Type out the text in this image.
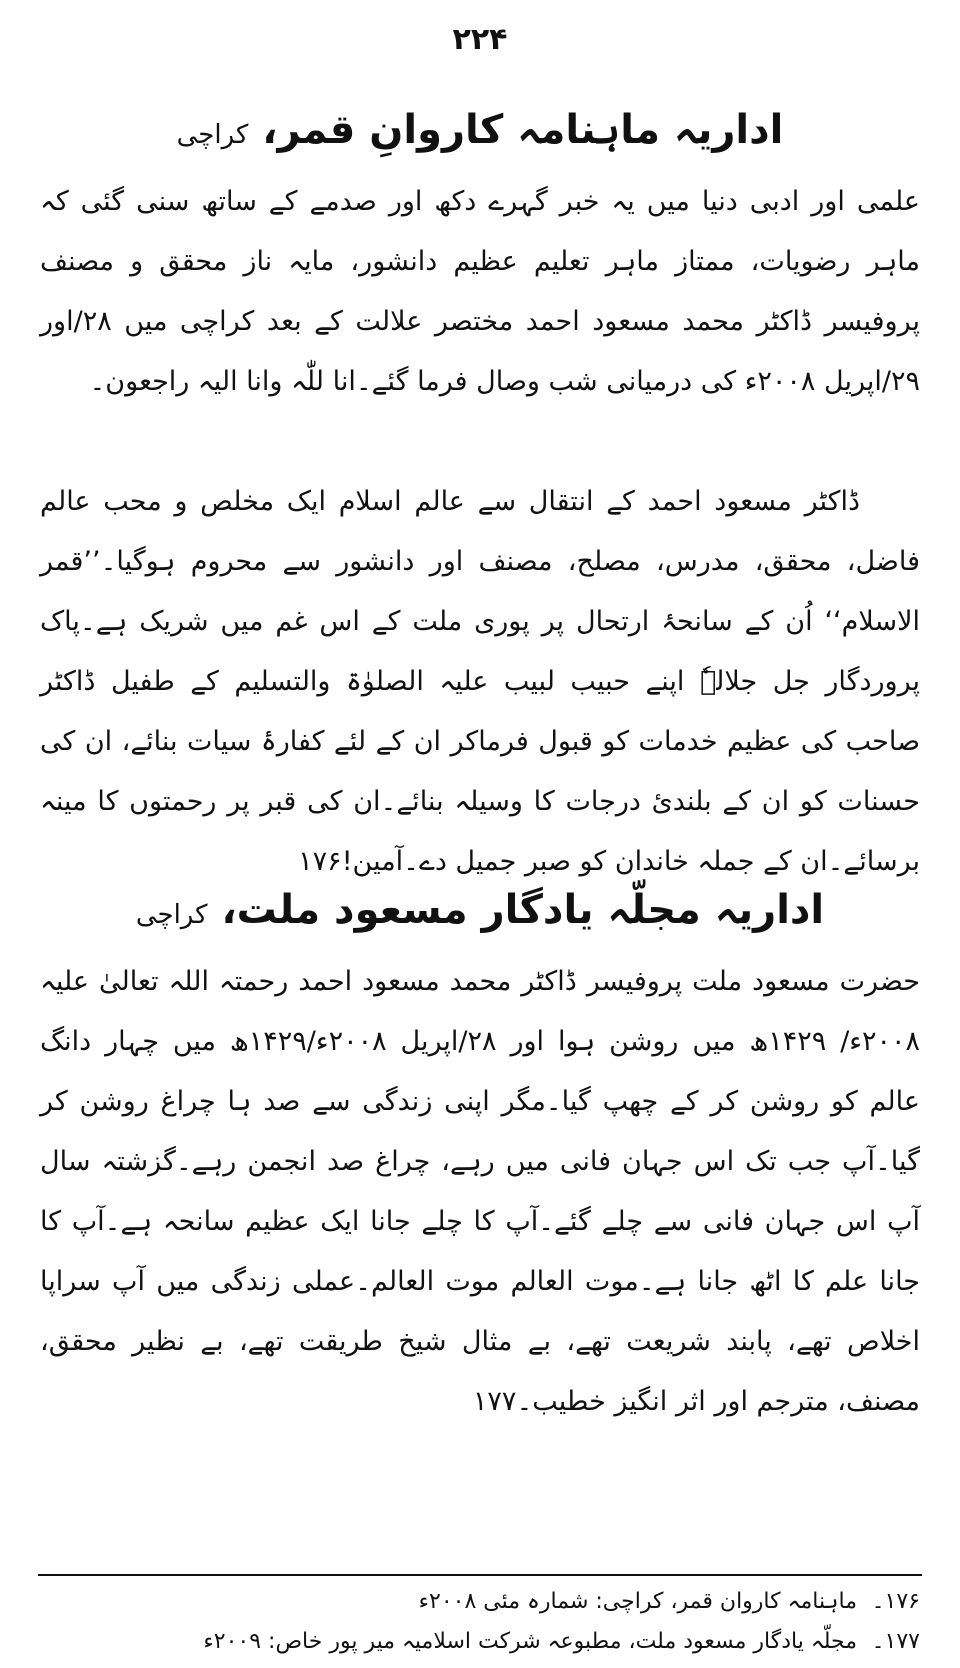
۲۲۴
اداریہ ماہنامہ کاروانِ قمر، کراچی

علمی اور ادبی دنیا میں یہ خبر گہرے دکھ اور صدمے کے ساتھ سنی گئی کہ ماہر رضویات، ممتاز ماہر تعلیم عظیم دانشور، مایہ ناز محقق و مصنف پروفیسر ڈاکٹر محمد مسعود احمد مختصر علالت کے بعد کراچی میں ۲۸/اور ۲۹/اپریل ۲۰۰۸ء کی درمیانی شب وصال فرما گئے۔انا للّٰہ وانا الیہ راجعون۔

ڈاکٹر مسعود احمد کے انتقال سے عالم اسلام ایک مخلص و محب عالم فاضل، محقق، مدرس، مصلح، مصنف اور دانشور سے محروم ہوگیا۔’’قمر الاسلام‘‘ اُن کے سانحۂ ارتحال پر پوری ملت کے اس غم میں شریک ہے۔پاک پروردگار جل جلالہٗ اپنے حبیب لبیب علیہ الصلوٰۃ والتسلیم کے طفیل ڈاکٹر صاحب کی عظیم خدمات کو قبول فرماکر ان کے لئے کفارۂ سیات بنائے، ان کی حسنات کو ان کے بلندیٔ درجات کا وسیلہ بنائے۔ان کی قبر پر رحمتوں کا مینہ برسائے۔ان کے جملہ خاندان کو صبر جمیل دے۔آمین!۱۷۶

اداریہ مجلّہ یادگار مسعود ملت، کراچی

حضرت مسعود ملت پروفیسر ڈاکٹر محمد مسعود احمد رحمتہ اللہ تعالیٰ علیہ ۲۰۰۸ء/ ۱۴۲۹ھ میں روشن ہوا اور ۲۸/اپریل ۲۰۰۸ء/۱۴۲۹ھ میں چہار دانگ عالم کو روشن کر کے چھپ گیا۔مگر اپنی زندگی سے صد ہا چراغ روشن کر گیا۔آپ جب تک اس جہان فانی میں رہے، چراغ صد انجمن رہے۔گزشتہ سال آپ اس جہان فانی سے چلے گئے۔آپ کا چلے جانا ایک عظیم سانحہ ہے۔آپ کا جانا علم کا اٹھ جانا ہے۔موت العالم موت العالم۔عملی زندگی میں آپ سراپا اخلاص تھے، پابند شریعت تھے، بے مثال شیخ طریقت تھے، بے نظیر محقق، مصنف، مترجم اور اثر انگیز خطیب۔۱۷۷

۱۷۶۔ ماہنامہ کاروان قمر، کراچی: شمارہ مئی ۲۰۰۸ء
۱۷۷۔ مجلّہ یادگار مسعود ملت، مطبوعہ شرکت اسلامیہ میر پور خاص: ۲۰۰۹ء
